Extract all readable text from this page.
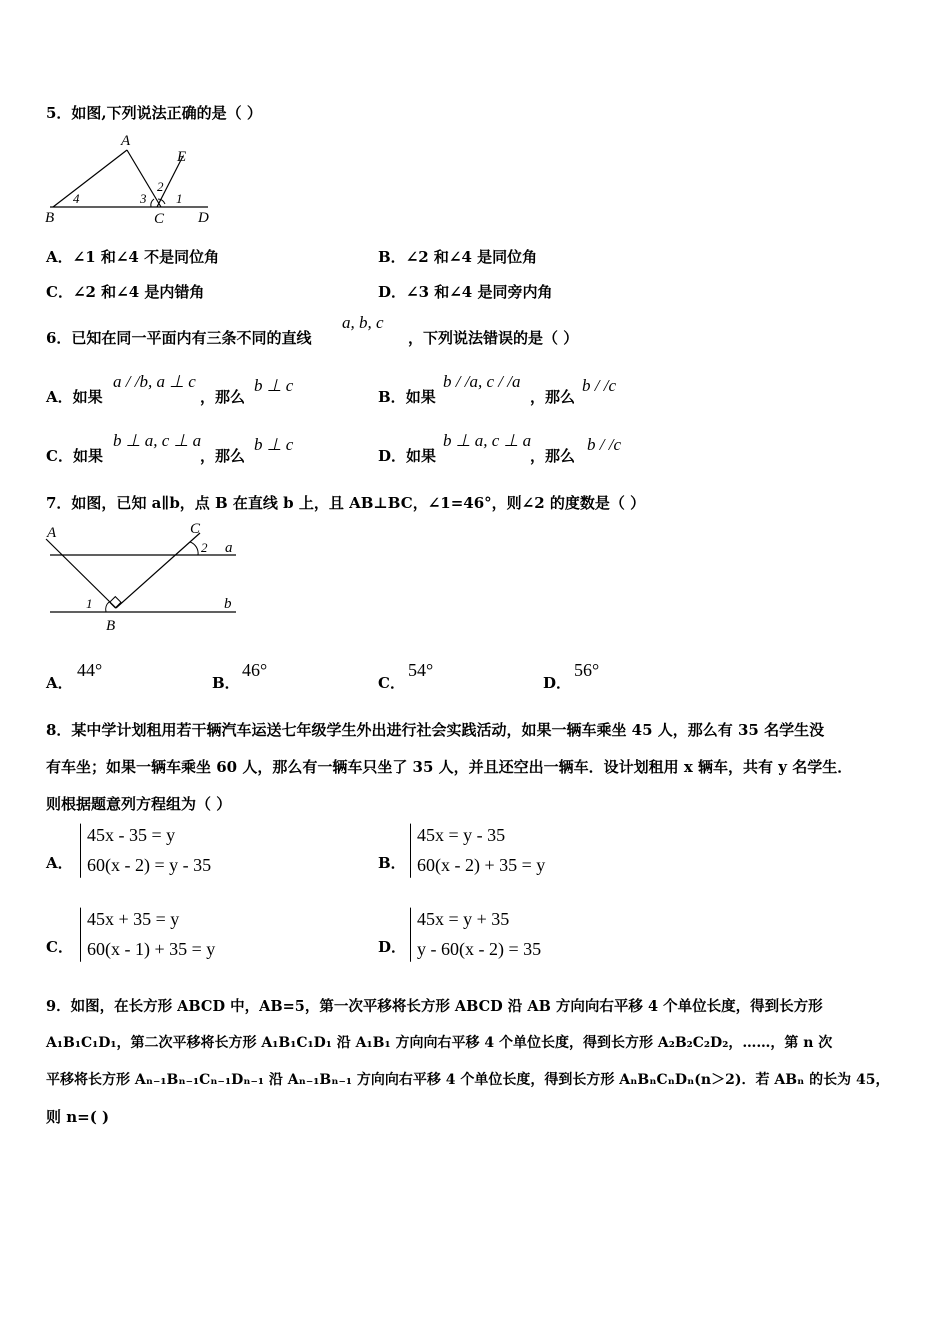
5．如图,下列说法正确的是（ ）
A
E
B	C D
4	3
2
1
A．∠1 和∠4 不是同位角	B．∠2 和∠4 是同位角
C．∠2 和∠4 是内错角	D．∠3 和∠4 是同旁内角
6．已知在同一平面内有三条不同的直线
a, b, c
，下列说法错误的是（ ）
A．如果
a / /b, a ⊥ c
，那么
b ⊥ c
B．如果
b / /a, c / /a
，那么
b / /c
C．如果
b ⊥ a, c ⊥ a
，那么
b ⊥ c
D．如果
b ⊥ a, c ⊥ a
，那么
b / /c
7．如图，已知 a∥b，点 B 在直线 b 上，且 AB⊥BC，∠1=46°，则∠2 的度数是（ ）
A	C
B
a
b
1
2
A．
44°
B．
46°
C．
54°
D．
56°
8．某中学计划租用若干辆汽车运送七年级学生外出进行社会实践活动，如果一辆车乘坐 45 人，那么有 35 名学生没
有车坐；如果一辆车乘坐 60 人，那么有一辆车只坐了 35 人，并且还空出一辆车．设计划租用 x 辆车，共有 y 名学生．
则根据题意列方程组为（ ）
A．
45x - 35 = y
60(x - 2) = y - 35	B．
45x = y - 35
60(x - 2) + 35 = y
C．
45x + 35 = y
60(x - 1) + 35 = y	D．
45x = y + 35
y - 60(x - 2) = 35
9．如图，在长方形 ABCD 中，AB=5，第一次平移将长方形 ABCD 沿 AB 方向向右平移 4 个单位长度，得到长方形
A₁B₁C₁D₁，第二次平移将长方形 A₁B₁C₁D₁ 沿 A₁B₁ 方向向右平移 4 个单位长度，得到长方形 A₂B₂C₂D₂，……，第 n 次
平移将长方形 Aₙ₋₁Bₙ₋₁Cₙ₋₁Dₙ₋₁ 沿 Aₙ₋₁Bₙ₋₁ 方向向右平移 4 个单位长度，得到长方形 AₙBₙCₙDₙ(n＞2)．若 ABₙ 的长为 45，
则 n=( )
